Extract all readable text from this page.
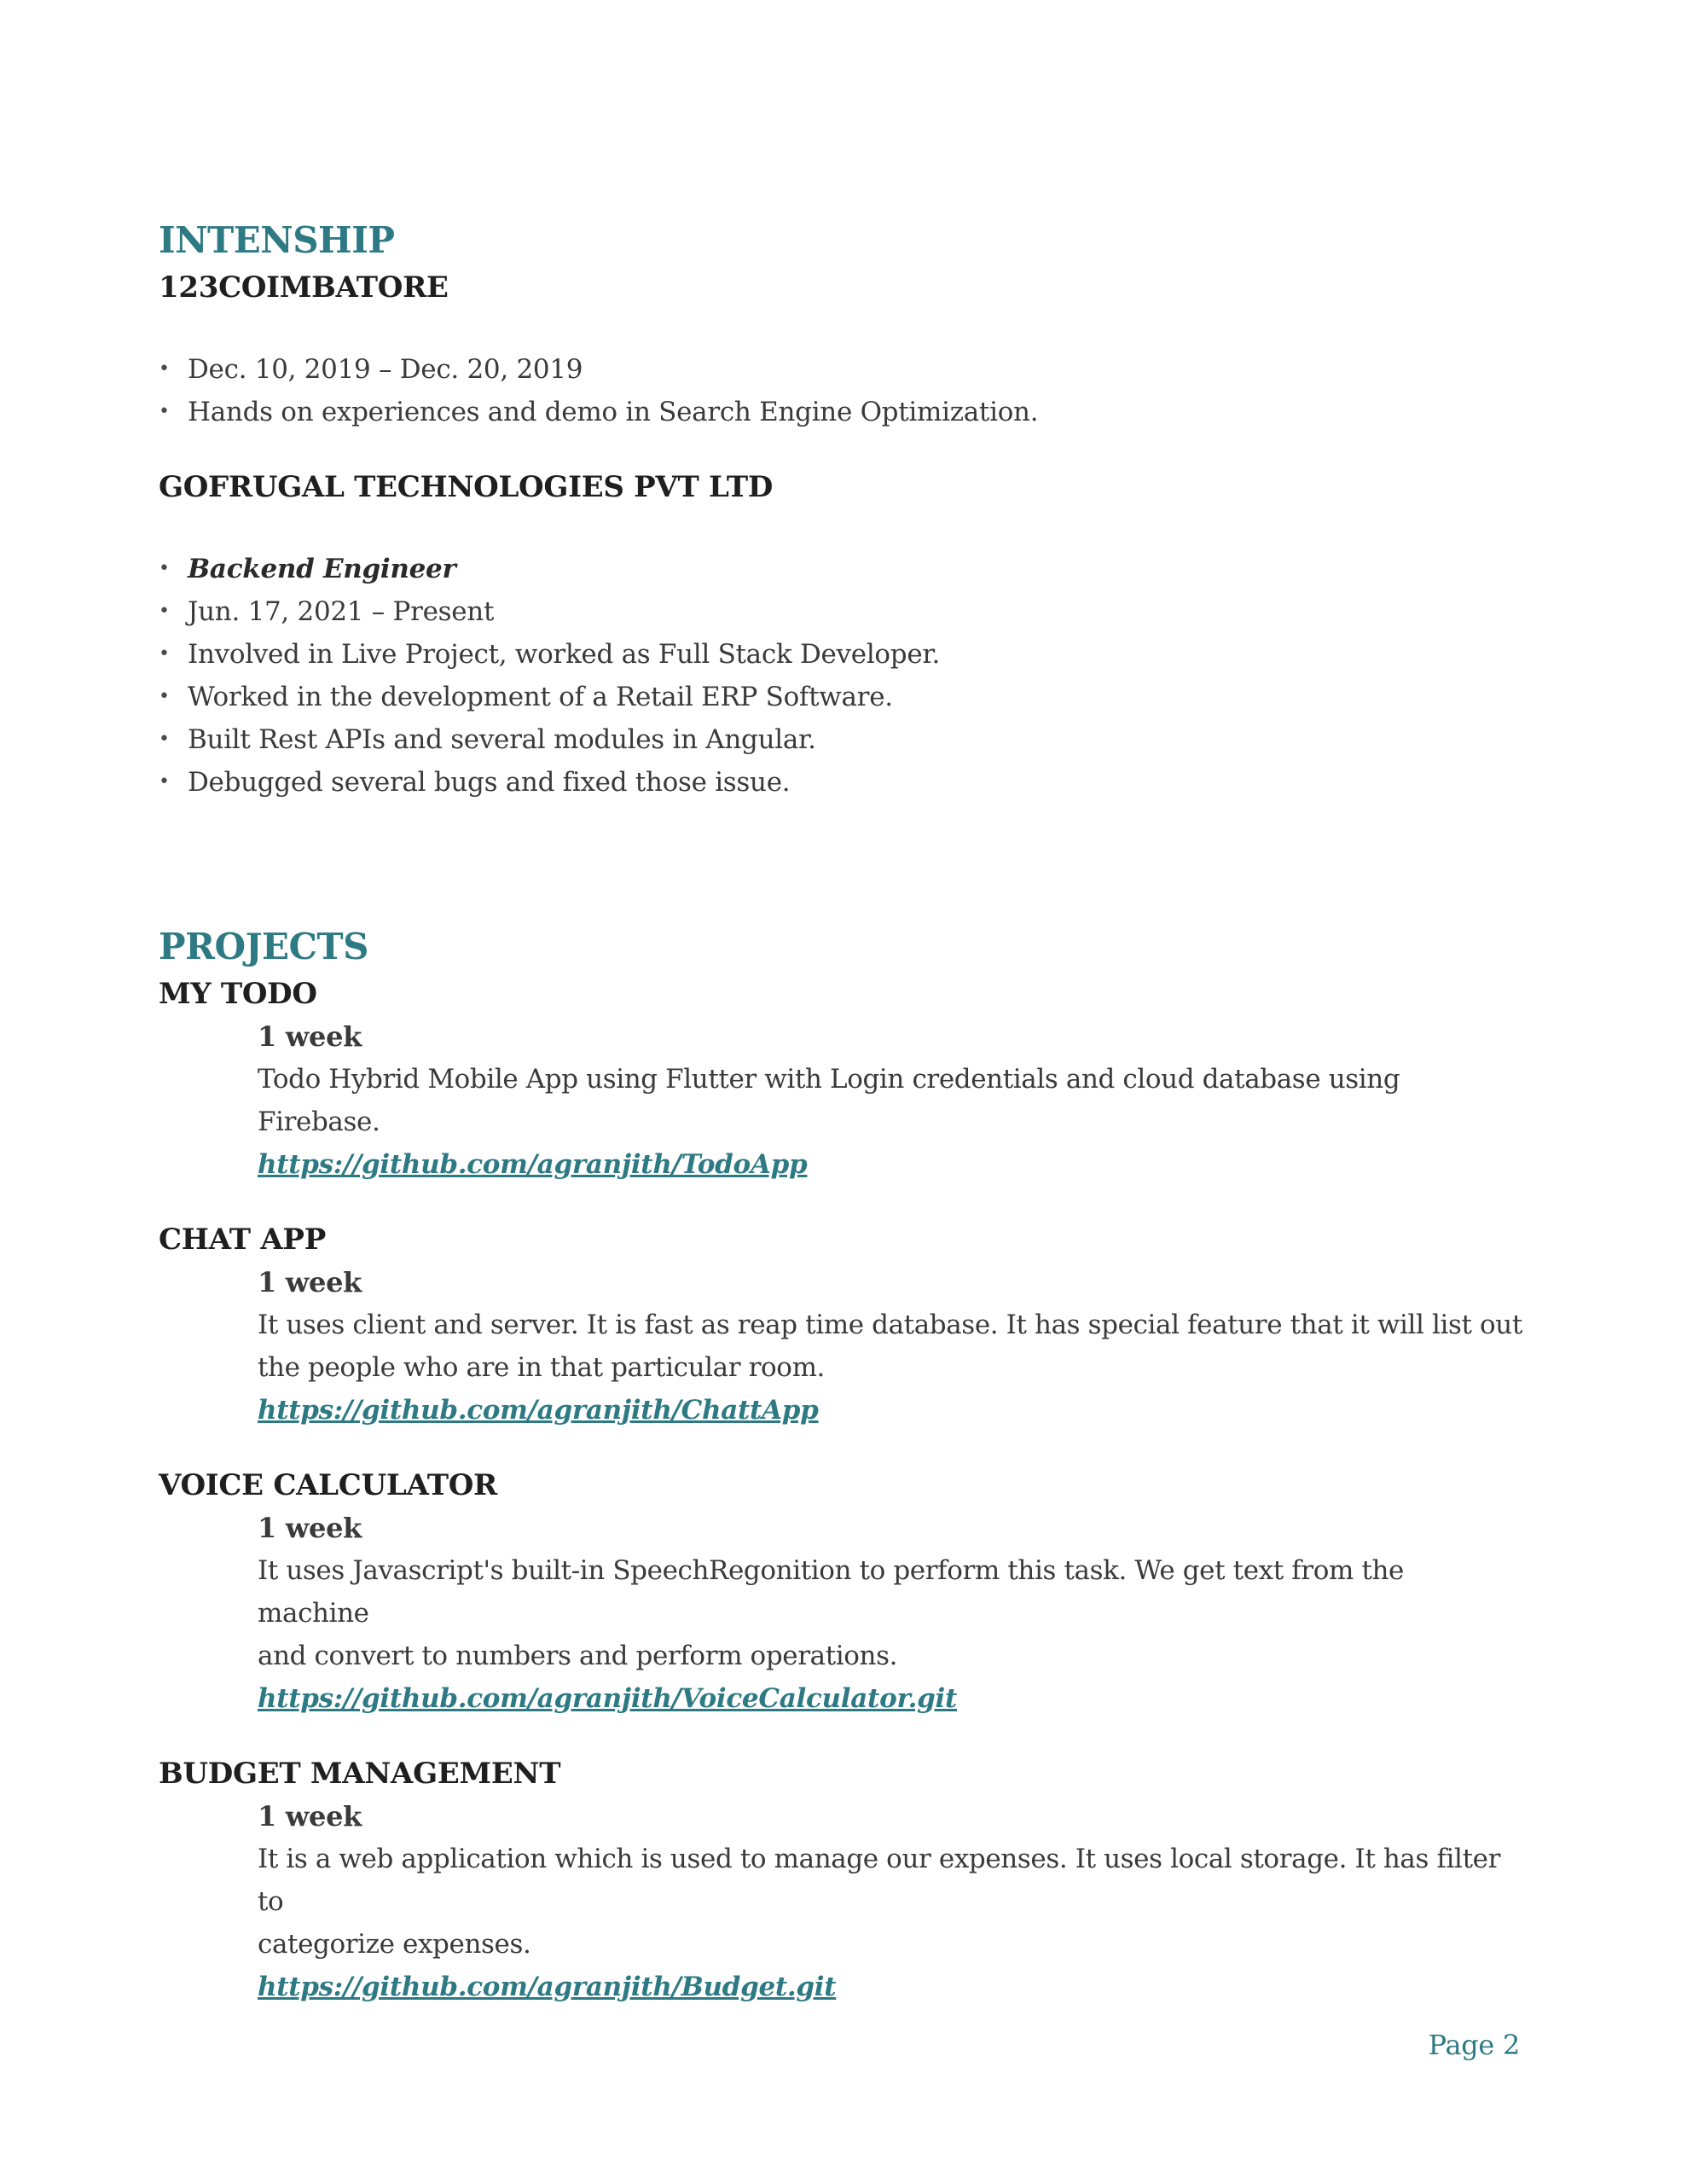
INTENSHIP
123COIMBATORE
• Dec. 10, 2019 – Dec. 20, 2019
• Hands on experiences and demo in Search Engine Optimization.
GOFRUGAL TECHNOLOGIES PVT LTD
• Backend Engineer
• Jun. 17, 2021 – Present
• Involved in Live Project, worked as Full Stack Developer.
• Worked in the development of a Retail ERP Software.
• Built Rest APIs and several modules in Angular.
• Debugged several bugs and fixed those issue.
PROJECTS
MY TODO
1 week
Todo Hybrid Mobile App using Flutter with Login credentials and cloud database using Firebase.
https://github.com/agranjith/TodoApp
CHAT APP
1 week
It uses client and server. It is fast as reap time database. It has special feature that it will list out
the people who are in that particular room.
https://github.com/agranjith/ChattApp
VOICE CALCULATOR
1 week
It uses Javascript's built-in SpeechRegonition to perform this task. We get text from the machine
and convert to numbers and perform operations.
https://github.com/agranjith/VoiceCalculator.git
BUDGET MANAGEMENT
1 week
It is a web application which is used to manage our expenses. It uses local storage. It has filter to
categorize expenses.
https://github.com/agranjith/Budget.git
Page 2
